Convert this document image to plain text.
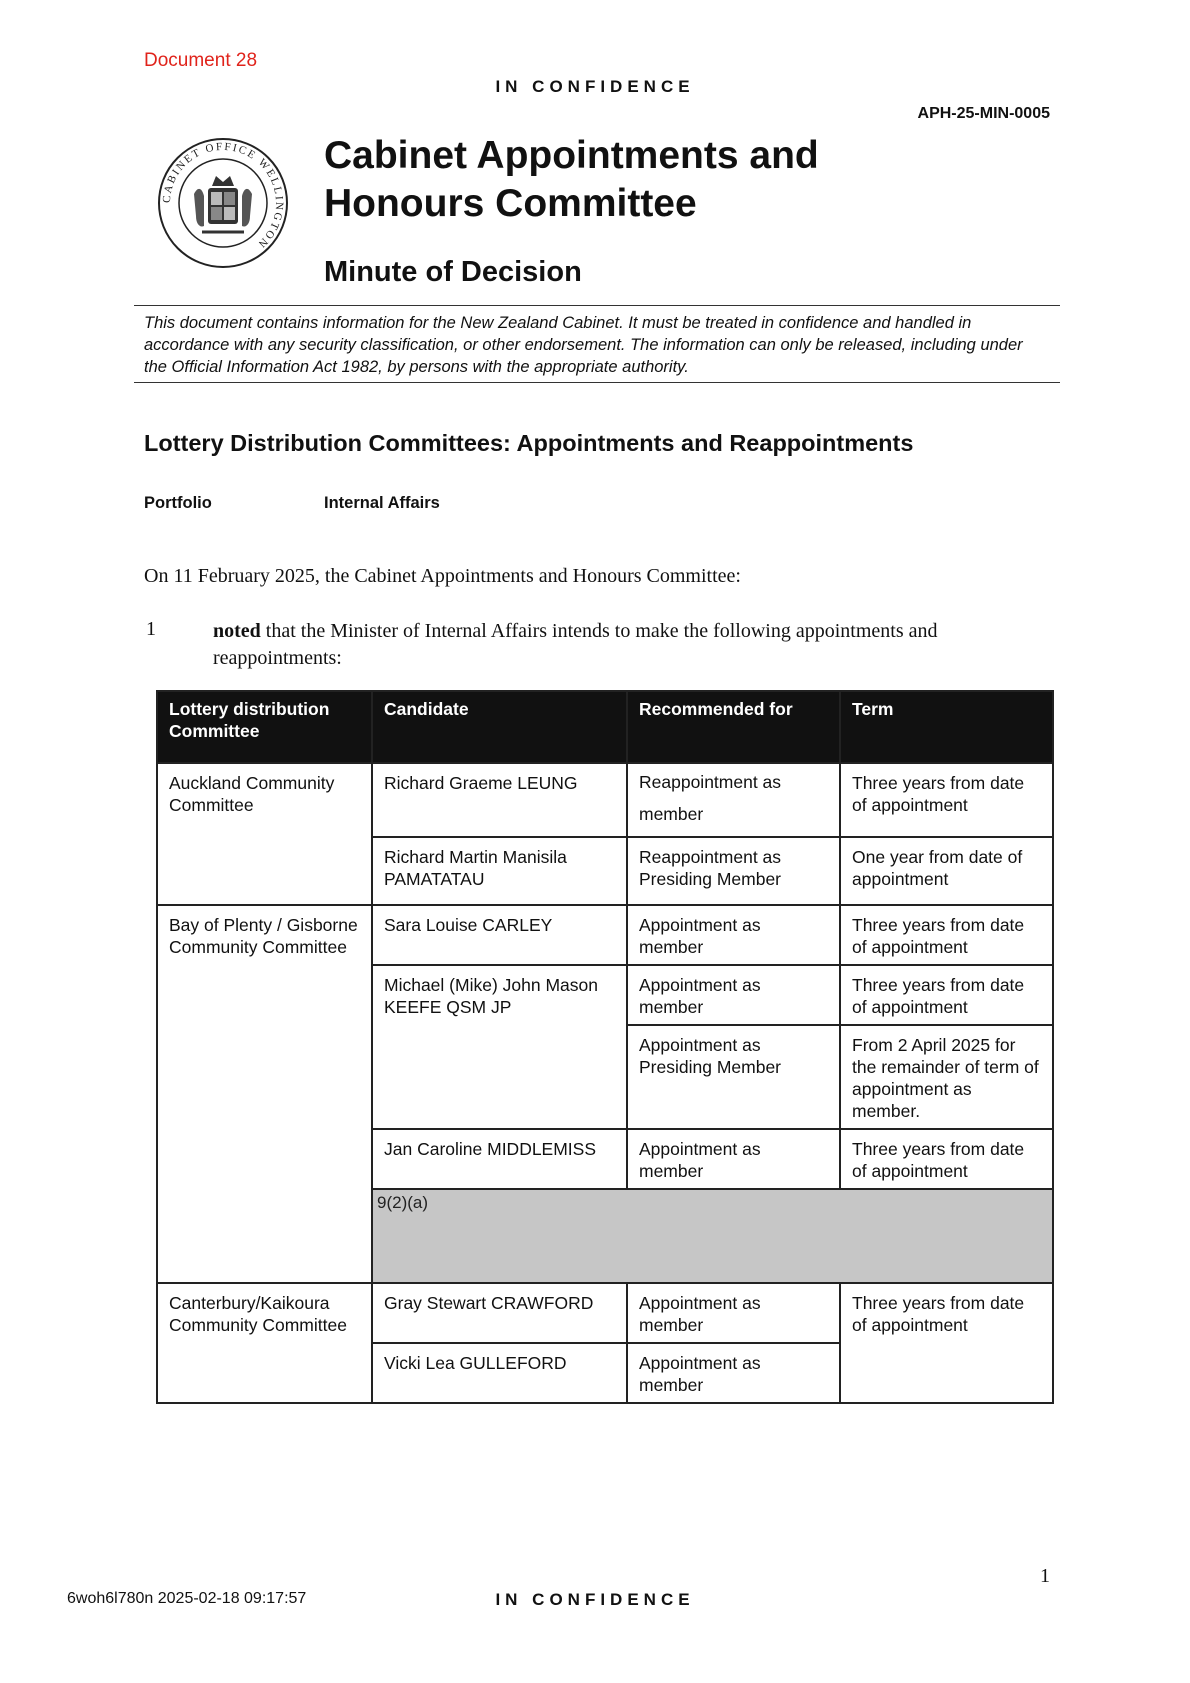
Document 28
IN CONFIDENCE
APH-25-MIN-0005
CABINET OFFICE WELLINGTON
Cabinet Appointments and
Honours Committee
Minute of Decision
This document contains information for the New Zealand Cabinet. It must be treated in confidence and handled in accordance with any security classification, or other endorsement. The information can only be released, including under the Official Information Act 1982, by persons with the appropriate authority.
Lottery Distribution Committees: Appointments and Reappointments
Portfolio	Internal Affairs
On 11 February 2025, the Cabinet Appointments and Honours Committee:
1	noted that the Minister of Internal Affairs intends to make the following appointments and reappointments:
Lottery distribution Committee	Candidate	Recommended for	Term
Auckland Community Committee	Richard Graeme LEUNG	Reappointment as member	Three years from date of appointment
	Richard Martin Manisila PAMATATAU	Reappointment as Presiding Member	One year from date of appointment
Bay of Plenty / Gisborne Community Committee	Sara Louise CARLEY	Appointment as member	Three years from date of appointment
	Michael (Mike) John Mason KEEFE QSM JP	Appointment as member	Three years from date of appointment
		Appointment as Presiding Member	From 2 April 2025 for the remainder of term of appointment as member.
	Jan Caroline MIDDLEMISS	Appointment as member	Three years from date of appointment

	9(2)(a)		

Canterbury/Kaikoura Community Committee	Gray Stewart CRAWFORD	Appointment as member	Three years from date of appointment
	Vicki Lea GULLEFORD	Appointment as member	
1
6woh6l780n 2025-02-18 09:17:57	IN CONFIDENCE
